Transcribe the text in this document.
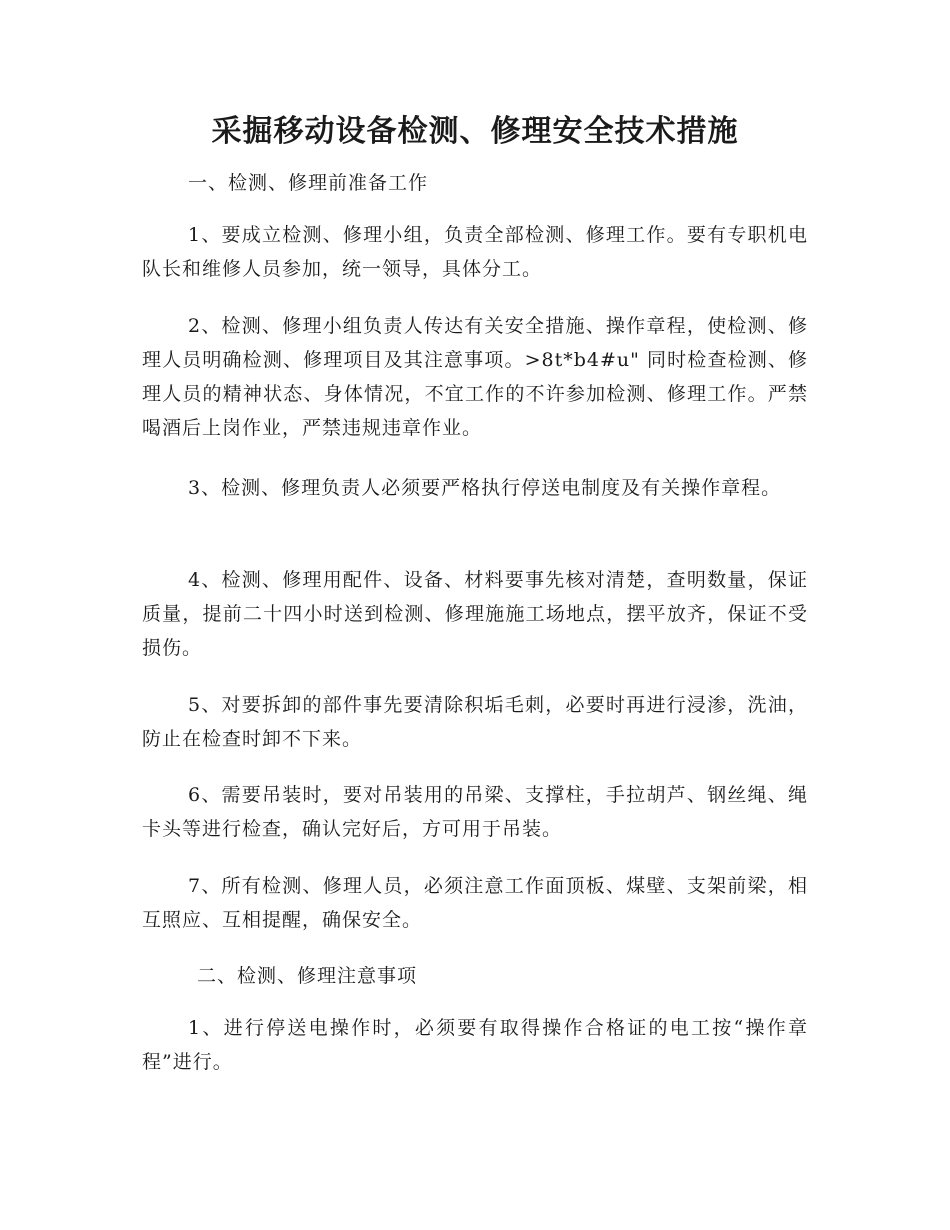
采掘移动设备检测、修理安全技术措施

一、检测、修理前准备工作

1、要成立检测、修理小组，负责全部检测、修理工作。要有专职机电队长和维修人员参加，统一领导，具体分工。

2、检测、修理小组负责人传达有关安全措施、操作章程，使检测、修理人员明确检测、修理项目及其注意事项。>8t*b4#u" 同时检查检测、修理人员的精神状态、身体情况，不宜工作的不许参加检测、修理工作。严禁喝酒后上岗作业，严禁违规违章作业。

3、检测、修理负责人必须要严格执行停送电制度及有关操作章程。

4、检测、修理用配件、设备、材料要事先核对清楚，查明数量，保证质量，提前二十四小时送到检测、修理施施工场地点，摆平放齐，保证不受损伤。

5、对要拆卸的部件事先要清除积垢毛刺，必要时再进行浸渗，洗油，防止在检查时卸不下来。

6、需要吊装时，要对吊装用的吊梁、支撑柱，手拉胡芦、钢丝绳、绳卡头等进行检查，确认完好后，方可用于吊装。

7、所有检测、修理人员，必须注意工作面顶板、煤壁、支架前梁，相互照应、互相提醒，确保安全。

二、检测、修理注意事项

1、进行停送电操作时，必须要有取得操作合格证的电工按“操作章程”进行。
